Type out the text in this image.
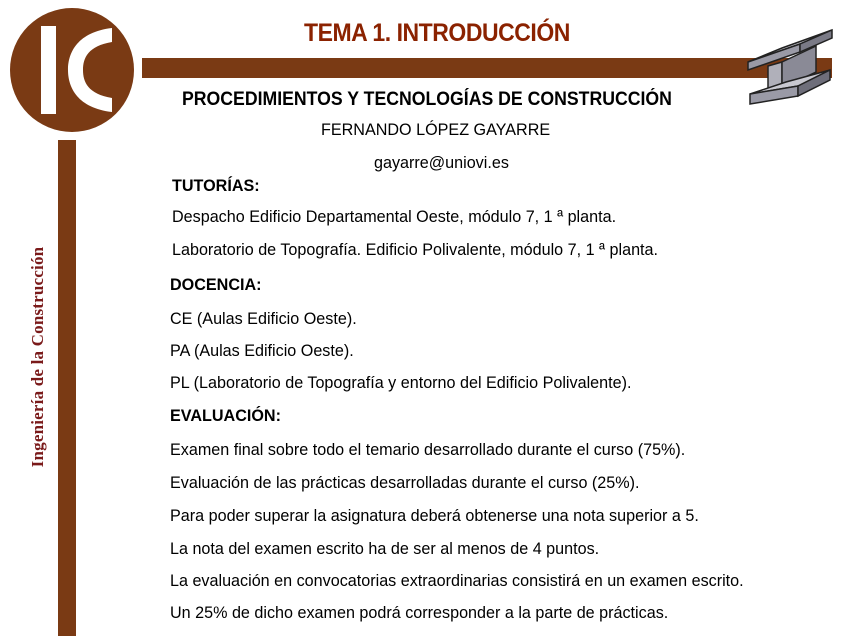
Ingeniería de la Construcción
TEMA 1. INTRODUCCIÓN
PROCEDIMIENTOS Y TECNOLOGÍAS DE CONSTRUCCIÓN
FERNANDO LÓPEZ GAYARRE
gayarre@uniovi.es
TUTORÍAS:
Despacho Edificio Departamental Oeste, módulo 7, 1 ª planta.
Laboratorio de Topografía. Edificio Polivalente, módulo 7, 1 ª planta.
DOCENCIA:
CE (Aulas Edificio Oeste).
PA (Aulas Edificio Oeste).
PL (Laboratorio de Topografía y entorno del Edificio Polivalente).
EVALUACIÓN:
Examen final sobre todo el temario desarrollado durante el curso (75%).
Evaluación de las prácticas desarrolladas durante el curso (25%).
Para poder superar la asignatura deberá obtenerse una nota superior a 5.
La nota del examen escrito ha de ser al menos de 4 puntos.
La evaluación en convocatorias extraordinarias consistirá en un examen escrito.
Un 25% de dicho examen podrá corresponder a la parte de prácticas.
